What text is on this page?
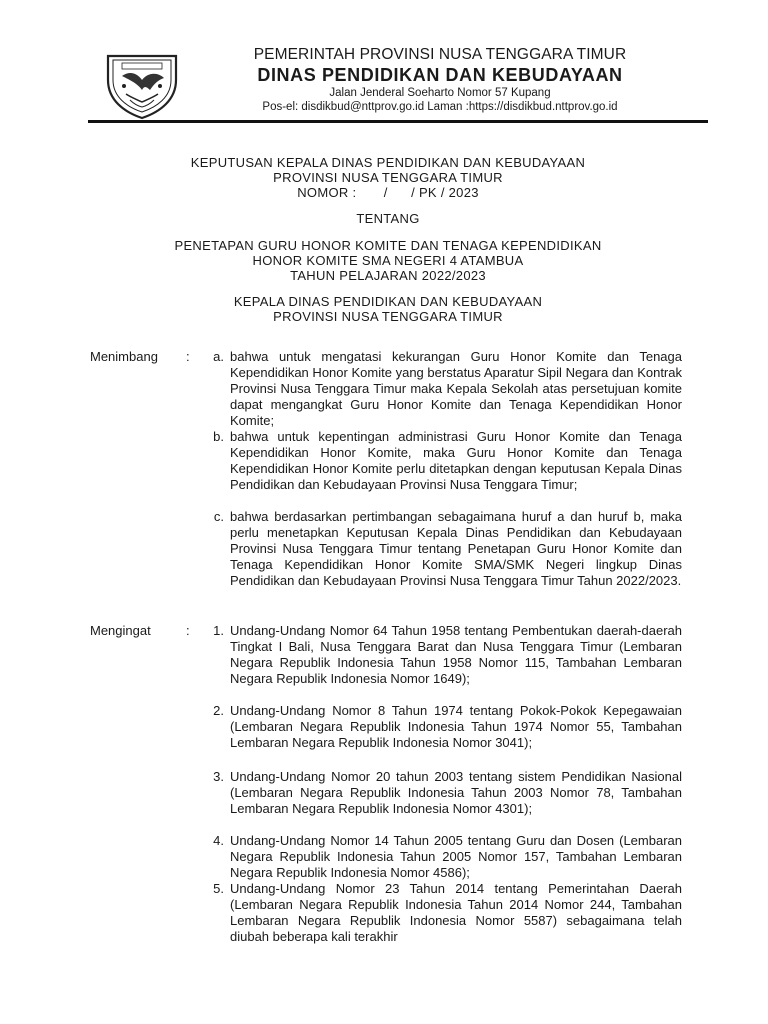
PEMERINTAH PROVINSI NUSA TENGGARA TIMUR
DINAS PENDIDIKAN DAN KEBUDAYAAN
Jalan Jenderal Soeharto Nomor 57 Kupang
Pos-el: disdikbud@nttprov.go.id Laman :https://disdikbud.nttprov.go.id
KEPUTUSAN KEPALA DINAS PENDIDIKAN DAN KEBUDAYAAN
PROVINSI NUSA TENGGARA TIMUR
NOMOR :       /      / PK / 2023
TENTANG
PENETAPAN GURU HONOR KOMITE DAN TENAGA KEPENDIDIKAN
HONOR KOMITE SMA NEGERI 4 ATAMBUA
TAHUN PELAJARAN 2022/2023
KEPALA DINAS PENDIDIKAN DAN KEBUDAYAAN
PROVINSI NUSA TENGGARA TIMUR
Menimbang	:	a. bahwa untuk mengatasi kekurangan Guru Honor Komite dan Tenaga Kependidikan Honor Komite yang berstatus Aparatur Sipil Negara dan Kontrak Provinsi Nusa Tenggara Timur maka Kepala Sekolah atas persetujuan komite dapat mengangkat Guru Honor Komite dan Tenaga Kependidikan Honor Komite;
b. bahwa untuk kepentingan administrasi Guru Honor Komite dan Tenaga Kependidikan Honor Komite, maka Guru Honor Komite dan Tenaga Kependidikan Honor Komite perlu ditetapkan dengan keputusan Kepala Dinas Pendidikan dan Kebudayaan Provinsi Nusa Tenggara Timur;
c. bahwa berdasarkan pertimbangan sebagaimana huruf a dan huruf b, maka perlu menetapkan Keputusan Kepala Dinas Pendidikan dan Kebudayaan Provinsi Nusa Tenggara Timur tentang Penetapan Guru Honor Komite dan Tenaga Kependidikan Honor Komite SMA/SMK Negeri lingkup Dinas Pendidikan dan Kebudayaan Provinsi Nusa Tenggara Timur Tahun 2022/2023.
Mengingat	:	1. Undang-Undang Nomor 64 Tahun 1958 tentang Pembentukan daerah-daerah Tingkat I Bali, Nusa Tenggara Barat dan Nusa Tenggara Timur (Lembaran Negara Republik Indonesia Tahun 1958 Nomor 115, Tambahan Lembaran Negara Republik Indonesia Nomor 1649);
2. Undang-Undang Nomor 8 Tahun 1974 tentang Pokok-Pokok Kepegawaian (Lembaran Negara Republik Indonesia Tahun 1974 Nomor 55, Tambahan Lembaran Negara Republik Indonesia Nomor 3041);
3. Undang-Undang Nomor 20 tahun 2003 tentang sistem Pendidikan Nasional (Lembaran Negara Republik Indonesia Tahun 2003 Nomor 78, Tambahan Lembaran Negara Republik Indonesia Nomor 4301);
4. Undang-Undang Nomor 14 Tahun 2005 tentang Guru dan Dosen (Lembaran Negara Republik Indonesia Tahun 2005 Nomor 157, Tambahan Lembaran Negara Republik Indonesia Nomor 4586);
5. Undang-Undang Nomor 23 Tahun 2014 tentang Pemerintahan Daerah (Lembaran Negara Republik Indonesia Tahun 2014 Nomor 244, Tambahan Lembaran Negara Republik Indonesia Nomor 5587) sebagaimana telah diubah beberapa kali terakhir
